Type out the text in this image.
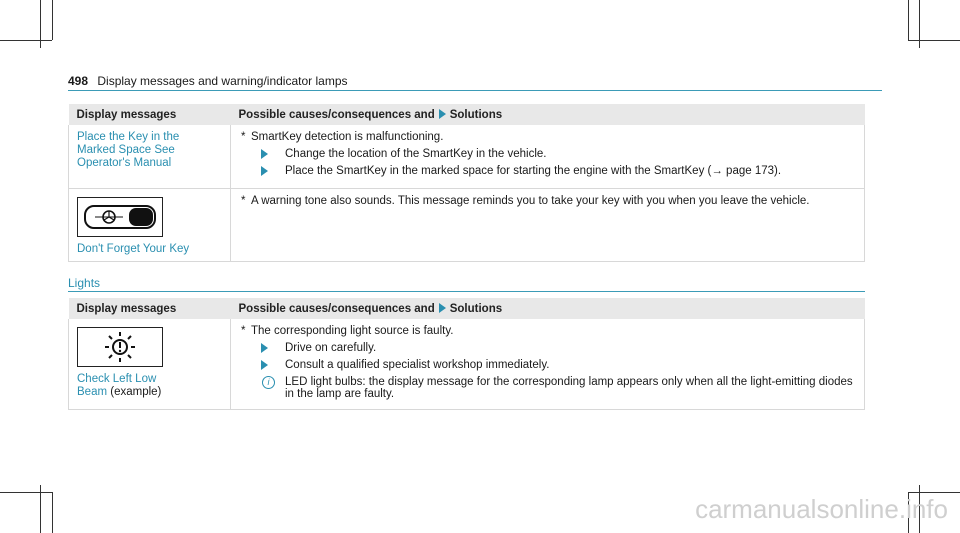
498 Display messages and warning/indicator lamps
Display messages	Possible causes/consequences and Solutions

Place the Key in the Marked Space See Operator's Manual	* SmartKey detection is malfunctioning.
Change the location of the SmartKey in the vehicle.
Place the SmartKey in the marked space for starting the engine with the SmartKey (→ page 173).

Don't Forget Your Key	* A warning tone also sounds. This message reminds you to take your key with you when you leave the vehicle.
Lights
Display messages	Possible causes/consequences and Solutions

Check Left Low Beam (example)	* The corresponding light source is faulty.
Drive on carefully.
Consult a qualified specialist workshop immediately.
i LED light bulbs: the display message for the corresponding lamp appears only when all the light-emitting diodes in the lamp are faulty.
carmanualsonline.info
